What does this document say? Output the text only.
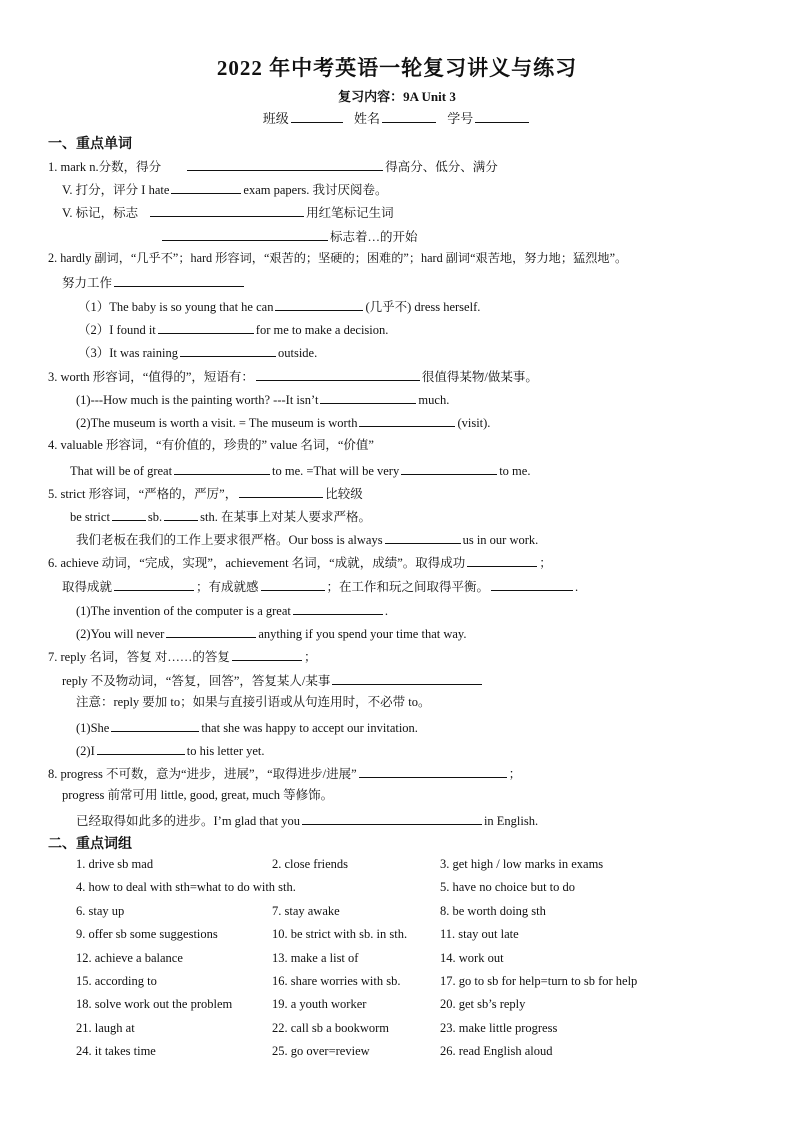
2022 年中考英语一轮复习讲义与练习
复习内容：9A Unit 3
班级	姓名	学号
一、重点单词
1. mark n.分数，得分	得高分、低分、满分
V. 打分，评分 I hate	exam papers. 我讨厌阅卷。
V. 标记，标志	用红笔标记生词
标志着…的开始
2. hardly 副词，“几乎不”；hard 形容词，“艰苦的；坚硬的；困难的”；hard 副词“艰苦地，努力地；猛烈地”。
努力工作
（1）The baby is so young that he can	(几乎不) dress herself.
（2）I found it	for me to make a decision.
（3）It was raining	outside.
3. worth 形容词，“值得的”，短语有：	很值得某物/做某事。
(1)---How much is the painting worth? ---It isn’t	much.
(2)The museum is worth a visit. = The museum is worth	(visit).
4. valuable 形容词，“有价值的，珍贵的” value 名词，“价值”
That will be of great	to me. =That will be very	to me.
5. strict 形容词，“严格的，严厉”，	比较级
be strict	sb.	sth. 在某事上对某人要求严格。
我们老板在我们的工作上要求很严格。Our boss is always	us in our work.
6. achieve 动词，“完成，实现”，achievement 名词，“成就，成绩”。取得成功	；
取得成就	；有成就感	；在工作和玩之间取得平衡。	.
(1)The invention of the computer is a great	.
(2)You will never	anything if you spend your time that way.
7. reply 名词，答复 对……的答复	；
reply 不及物动词，“答复，回答”，答复某人/某事
注意：reply 要加 to；如果与直接引语或从句连用时，不必带 to。
(1)She	that she was happy to accept our invitation.
(2)I	to his letter yet.
8. progress 不可数，意为“进步，进展”，“取得进步/进展”	；
progress 前常可用 little, good, great, much 等修饰。
已经取得如此多的进步。I’m glad that you	in English.
二、重点词组
1. drive sb mad	2. close friends	3. get high / low marks in exams
4. how to deal with sth=what to do with sth.	5. have no choice but to do
6. stay up	7. stay awake	8. be worth doing sth
9. offer sb some suggestions	10. be strict with sb. in sth.	11. stay out late
12. achieve a balance	13. make a list of	14. work out
15. according to	16. share worries with sb.	17. go to sb for help=turn to sb for help
18. solve work out the problem	19. a youth worker	20. get sb’s reply
21. laugh at	22. call sb a bookworm	23. make little progress
24. it takes time	25. go over=review	26. read English aloud
